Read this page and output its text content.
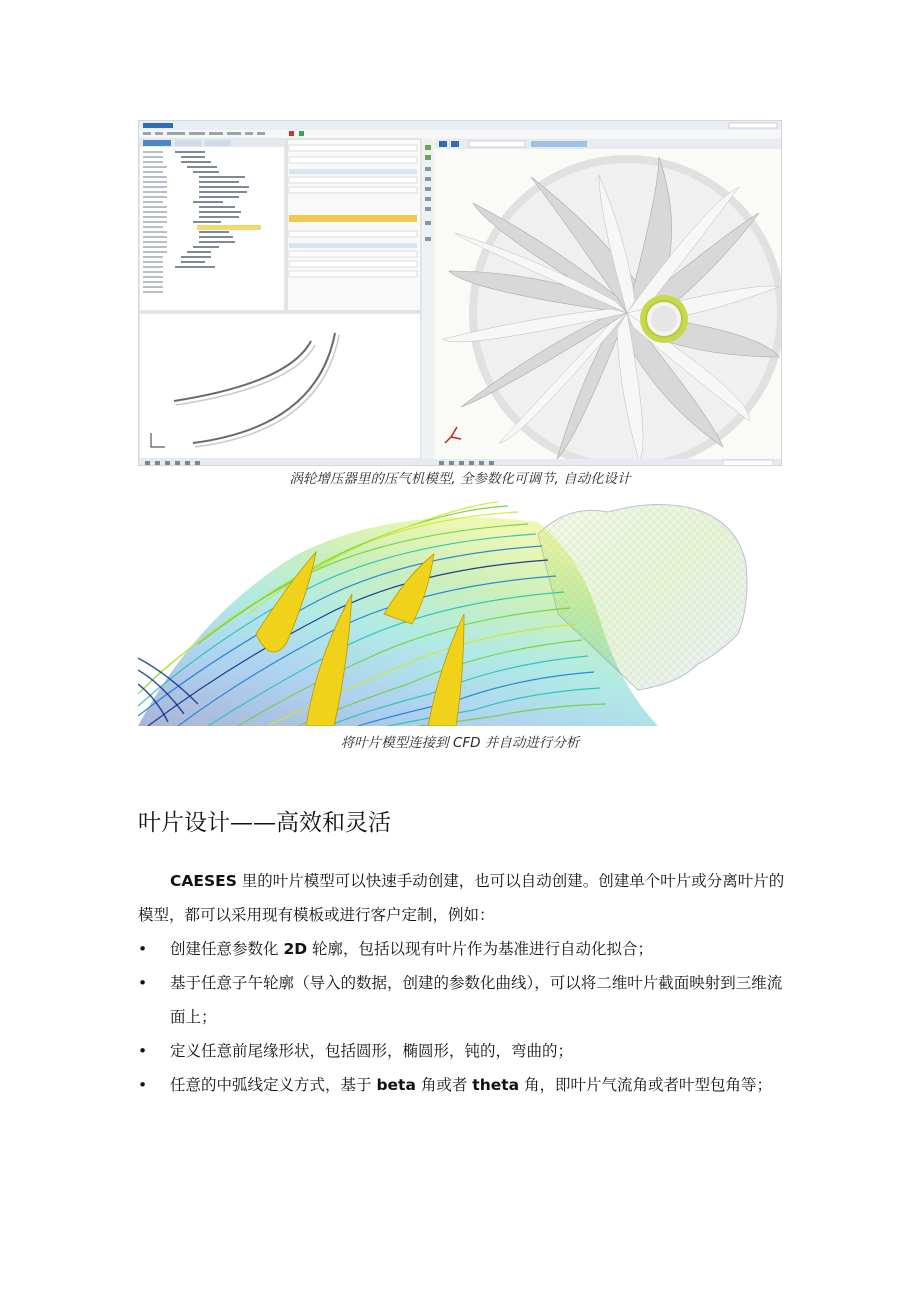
涡轮增压器里的压气机模型, 全参数化可调节, 自动化设计
将叶片模型连接到 CFD 并自动进行分析
叶片设计——高效和灵活

CAESES 里的叶片模型可以快速手动创建，也可以自动创建。创建单个叶片或分离叶片的模型，都可以采用现有模板或进行客户定制，例如：

• 创建任意参数化 2D 轮廓，包括以现有叶片作为基准进行自动化拟合；
• 基于任意子午轮廓（导入的数据，创建的参数化曲线），可以将二维叶片截面映射到三维流面上；
• 定义任意前尾缘形状，包括圆形，椭圆形，钝的，弯曲的；
• 任意的中弧线定义方式，基于 beta 角或者 theta 角，即叶片气流角或者叶型包角等；
